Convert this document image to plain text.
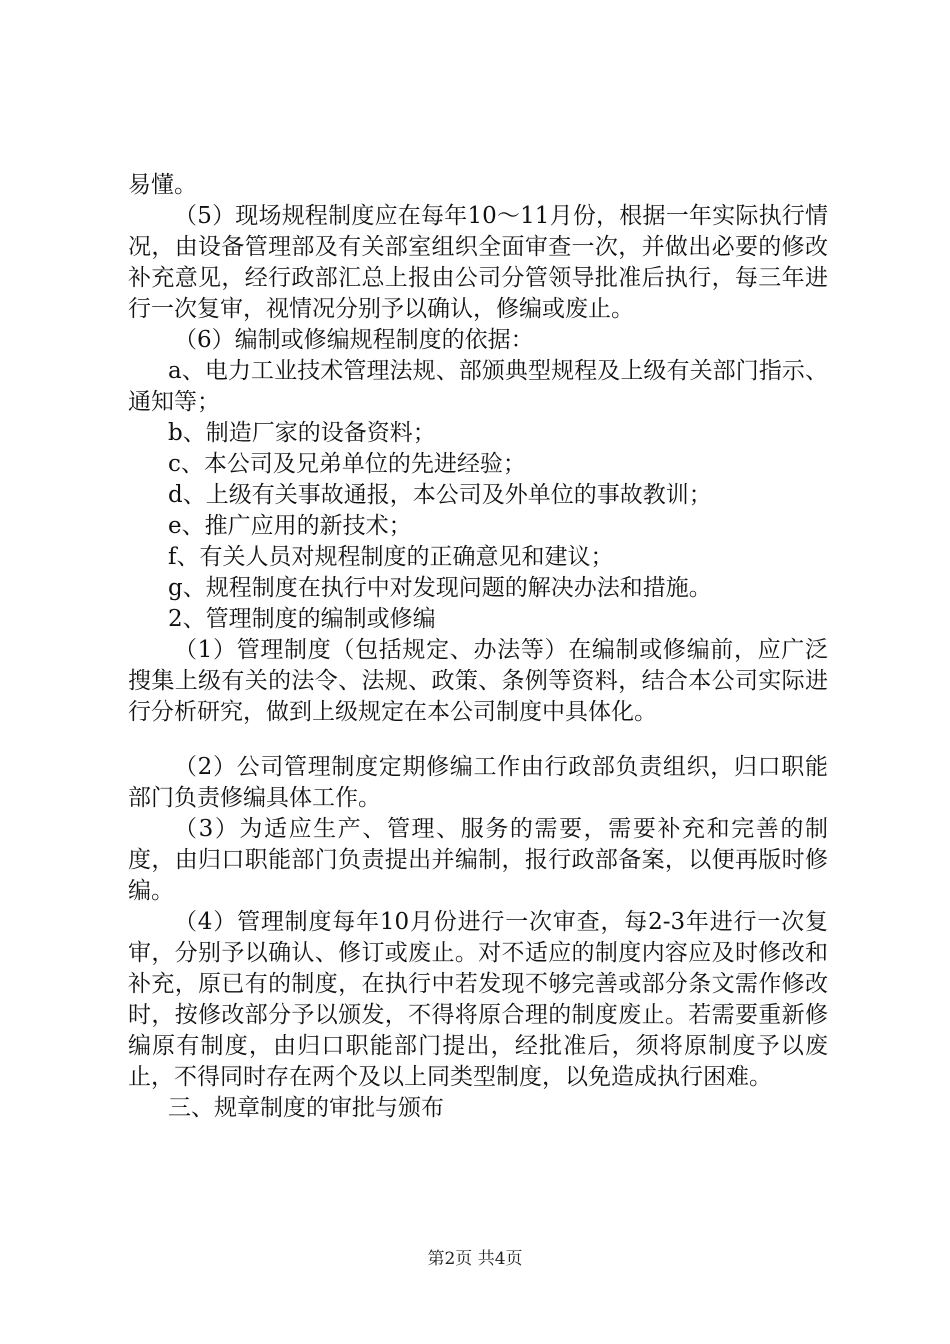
易懂。

（5）现场规程制度应在每年10～11月份，根据一年实际执行情况，由设备管理部及有关部室组织全面审查一次，并做出必要的修改补充意见，经行政部汇总上报由公司分管领导批准后执行，每三年进行一次复审，视情况分别予以确认，修编或废止。

（6）编制或修编规程制度的依据：

a、电力工业技术管理法规、部颁典型规程及上级有关部门指示、通知等；

b、制造厂家的设备资料；

c、本公司及兄弟单位的先进经验；

d、上级有关事故通报，本公司及外单位的事故教训；

e、推广应用的新技术；

f、有关人员对规程制度的正确意见和建议；

g、规程制度在执行中对发现问题的解决办法和措施。

2、管理制度的编制或修编

（1）管理制度（包括规定、办法等）在编制或修编前，应广泛搜集上级有关的法令、法规、政策、条例等资料，结合本公司实际进行分析研究，做到上级规定在本公司制度中具体化。

（2）公司管理制度定期修编工作由行政部负责组织，归口职能部门负责修编具体工作。

（3）为适应生产、管理、服务的需要，需要补充和完善的制度，由归口职能部门负责提出并编制，报行政部备案，以便再版时修编。

（4）管理制度每年10月份进行一次审查，每2-3年进行一次复审，分别予以确认、修订或废止。对不适应的制度内容应及时修改和补充，原已有的制度，在执行中若发现不够完善或部分条文需作修改时，按修改部分予以颁发，不得将原合理的制度废止。若需要重新修编原有制度，由归口职能部门提出，经批准后，须将原制度予以废止，不得同时存在两个及以上同类型制度，以免造成执行困难。

三、规章制度的审批与颁布

第2页 共4页
